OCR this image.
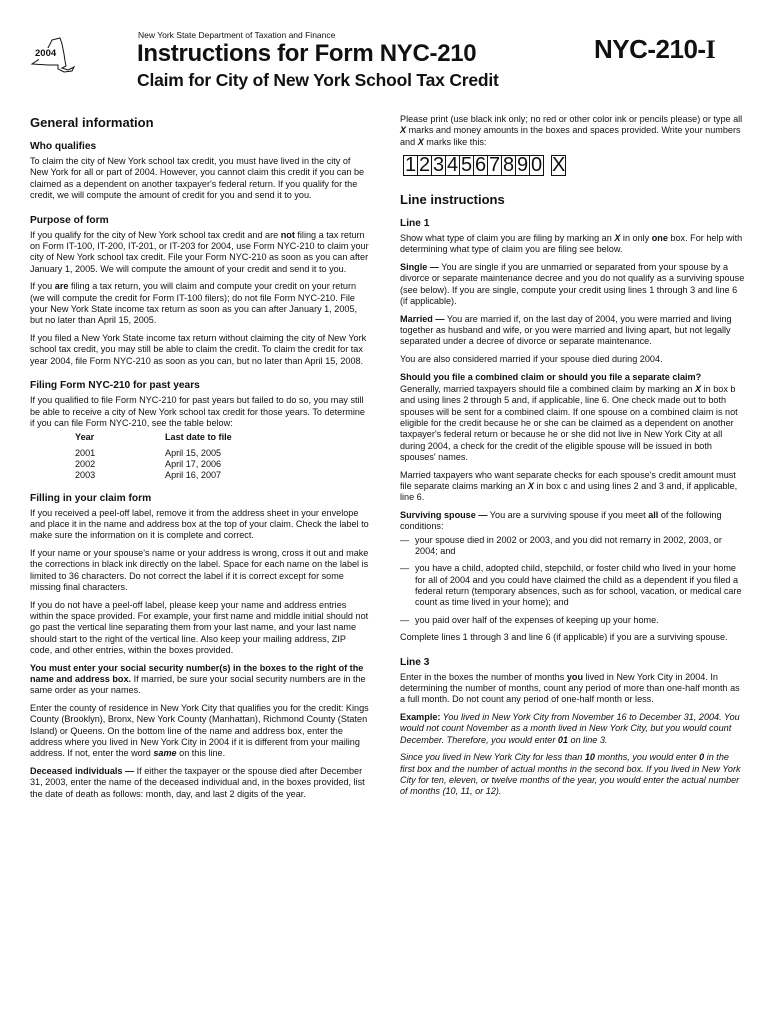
2004
New York State Department of Taxation and Finance
Instructions for Form NYC-210
Claim for City of New York School Tax Credit
NYC-210-I
General information
Who qualifies

To claim the city of New York school tax credit, you must have lived in the city of New York for all or part of 2004. However, you cannot claim this credit if you can be claimed as a dependent on another taxpayer's federal return. If you qualify for the credit, we will compute the amount of credit for you and send it to you.

Purpose of form

If you qualify for the city of New York school tax credit and are not filing a tax return on Form IT-100, IT-200, IT-201, or IT-203 for 2004, use Form NYC-210 to claim your city of New York school tax credit. File your Form NYC-210 as soon as you can after January 1, 2005. We will compute the amount of your credit and send it to you.

If you are filing a tax return, you will claim and compute your credit on your return (we will compute the credit for Form IT-100 filers); do not file Form NYC-210. File your New York State income tax return as soon as you can after January 1, 2005, but no later than April 15, 2005.

If you filed a New York State income tax return without claiming the city of New York school tax credit, you may still be able to claim the credit. To claim the credit for tax year 2004, file Form NYC-210 as soon as you can, but no later than April 15, 2008.

Filing Form NYC-210 for past years

If you qualified to file Form NYC-210 for past years but failed to do so, you may still be able to receive a city of New York school tax credit for those years. To determine if you can file Form NYC-210, see the table below:

Year	Last date to file

2001	April 15, 2005
2002	April 17, 2006
2003	April 16, 2007
Filling in your claim form

If you received a peel-off label, remove it from the address sheet in your envelope and place it in the name and address box at the top of your claim. Check the label to make sure the information on it is complete and correct.

If your name or your spouse's name or your address is wrong, cross it out and make the corrections in black ink directly on the label. Space for each name on the label is limited to 36 characters. Do not correct the label if it is correct except for some missing final characters.

If you do not have a peel-off label, please keep your name and address entries within the space provided. For example, your first name and middle initial should not go past the vertical line separating them from your last name, and your last name should start to the right of the vertical line. Also keep your mailing address, ZIP code, and other entries, within the boxes provided.

You must enter your social security number(s) in the boxes to the right of the name and address box. If married, be sure your social security numbers are in the same order as your names.

Enter the county of residence in New York City that qualifies you for the credit: Kings County (Brooklyn), Bronx, New York County (Manhattan), Richmond County (Staten Island) or Queens. On the bottom line of the name and address box, enter the address where you lived in New York City in 2004 if it is different from your mailing address. If not, enter the word same on this line.

Deceased individuals — If either the taxpayer or the spouse died after December 31, 2003, enter the name of the deceased individual and, in the boxes provided, list the date of death as follows: month, day, and last 2 digits of the year.

Please print (use black ink only; no red or other color ink or pencils please) or type all X marks and money amounts in the boxes and spaces provided. Write your numbers and X marks like this:

1 2 3 4 5 6 7 8 9 0 X
Line instructions
Line 1

Show what type of claim you are filing by marking an X in only one box. For help with determining what type of claim you are filing see below.

Single — You are single if you are unmarried or separated from your spouse by a divorce or separate maintenance decree and you do not qualify as a surviving spouse (see below). If you are single, compute your credit using lines 1 through 3 and line 6 (if applicable).

Married — You are married if, on the last day of 2004, you were married and living together as husband and wife, or you were married and living apart, but not legally separated under a decree of divorce or separate maintenance.

You are also considered married if your spouse died during 2004.

Should you file a combined claim or should you file a separate claim?

Generally, married taxpayers should file a combined claim by marking an X in box b and using lines 2 through 5 and, if applicable, line 6. One check made out to both spouses will be sent for a combined claim. If one spouse on a combined claim is not eligible for the credit because he or she can be claimed as a dependent on another taxpayer's federal return or because he or she did not live in New York City at all during 2004, a check for the credit of the eligible spouse will be issued in both spouses' names.

Married taxpayers who want separate checks for each spouse's credit amount must file separate claims marking an X in box c and using lines 2 and 3 and, if applicable, line 6.

Surviving spouse — You are a surviving spouse if you meet all of the following conditions:

— your spouse died in 2002 or 2003, and you did not remarry in 2002, 2003, or 2004; and
— you have a child, adopted child, stepchild, or foster child who lived in your home for all of 2004 and you could have claimed the child as a dependent if you filed a federal return (temporary absences, such as for school, vacation, or medical care count as time lived in your home); and
— you paid over half of the expenses of keeping up your home.

Complete lines 1 through 3 and line 6 (if applicable) if you are a surviving spouse.

Line 3

Enter in the boxes the number of months you lived in New York City in 2004. In determining the number of months, count any period of more than one-half month as a full month. Do not count any period of one-half month or less.

Example: You lived in New York City from November 16 to December 31, 2004. You would not count November as a month lived in New York City, but you would count December. Therefore, you would enter 01 on line 3.

Since you lived in New York City for less than 10 months, you would enter 0 in the first box and the number of actual months in the second box. If you lived in New York City for ten, eleven, or twelve months of the year, you would enter the actual number of months (10, 11, or 12).
